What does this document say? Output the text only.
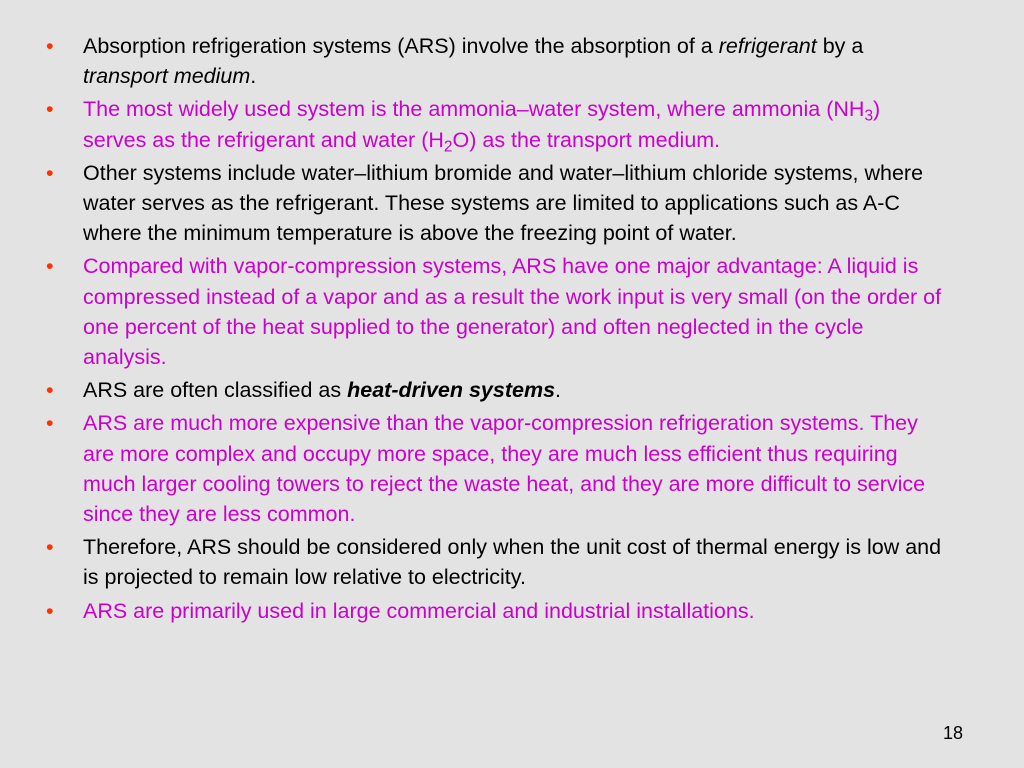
• Absorption refrigeration systems (ARS) involve the absorption of a refrigerant by a transport medium.
• The most widely used system is the ammonia–water system, where ammonia $(NH_3)$ serves as the refrigerant and water $(H_2O)$ as the transport medium.
• Other systems include water–lithium bromide and water–lithium chloride systems, where water serves as the refrigerant. These systems are limited to applications such as A-C where the minimum temperature is above the freezing point of water.
• Compared with vapor-compression systems, ARS have one major advantage: A liquid is compressed instead of a vapor and as a result the work input is very small (on the order of one percent of the heat supplied to the generator) and often neglected in the cycle analysis.
• ARS are often classified as heat-driven systems.
• ARS are much more expensive than the vapor-compression refrigeration systems. They are more complex and occupy more space, they are much less efficient thus requiring much larger cooling towers to reject the waste heat, and they are more difficult to service since they are less common.
• Therefore, ARS should be considered only when the unit cost of thermal energy is low and is projected to remain low relative to electricity.
• ARS are primarily used in large commercial and industrial installations.
18
